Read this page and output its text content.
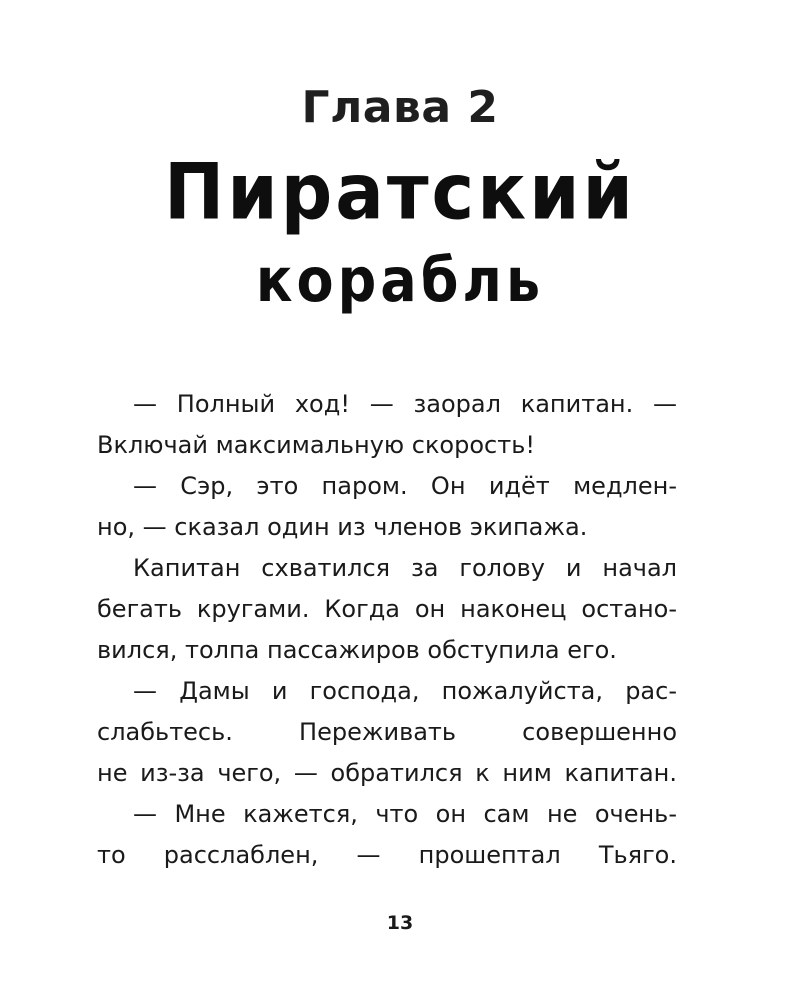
Глава 2
Пиратский
корабль
— Полный ход! — заорал капитан. —
Включай максимальную скорость!
— Сэр, это паром. Он идёт медлен-
но, — сказал один из членов экипажа.
Капитан схватился за голову и начал
бегать кругами. Когда он наконец остано-
вился, толпа пассажиров обступила его.
— Дамы и господа, пожалуйста, рас-
слабьтесь. Переживать совершенно
не из-за чего, — обратился к ним капитан.
— Мне кажется, что он сам не очень-
то расслаблен, — прошептал Тьяго.
13
